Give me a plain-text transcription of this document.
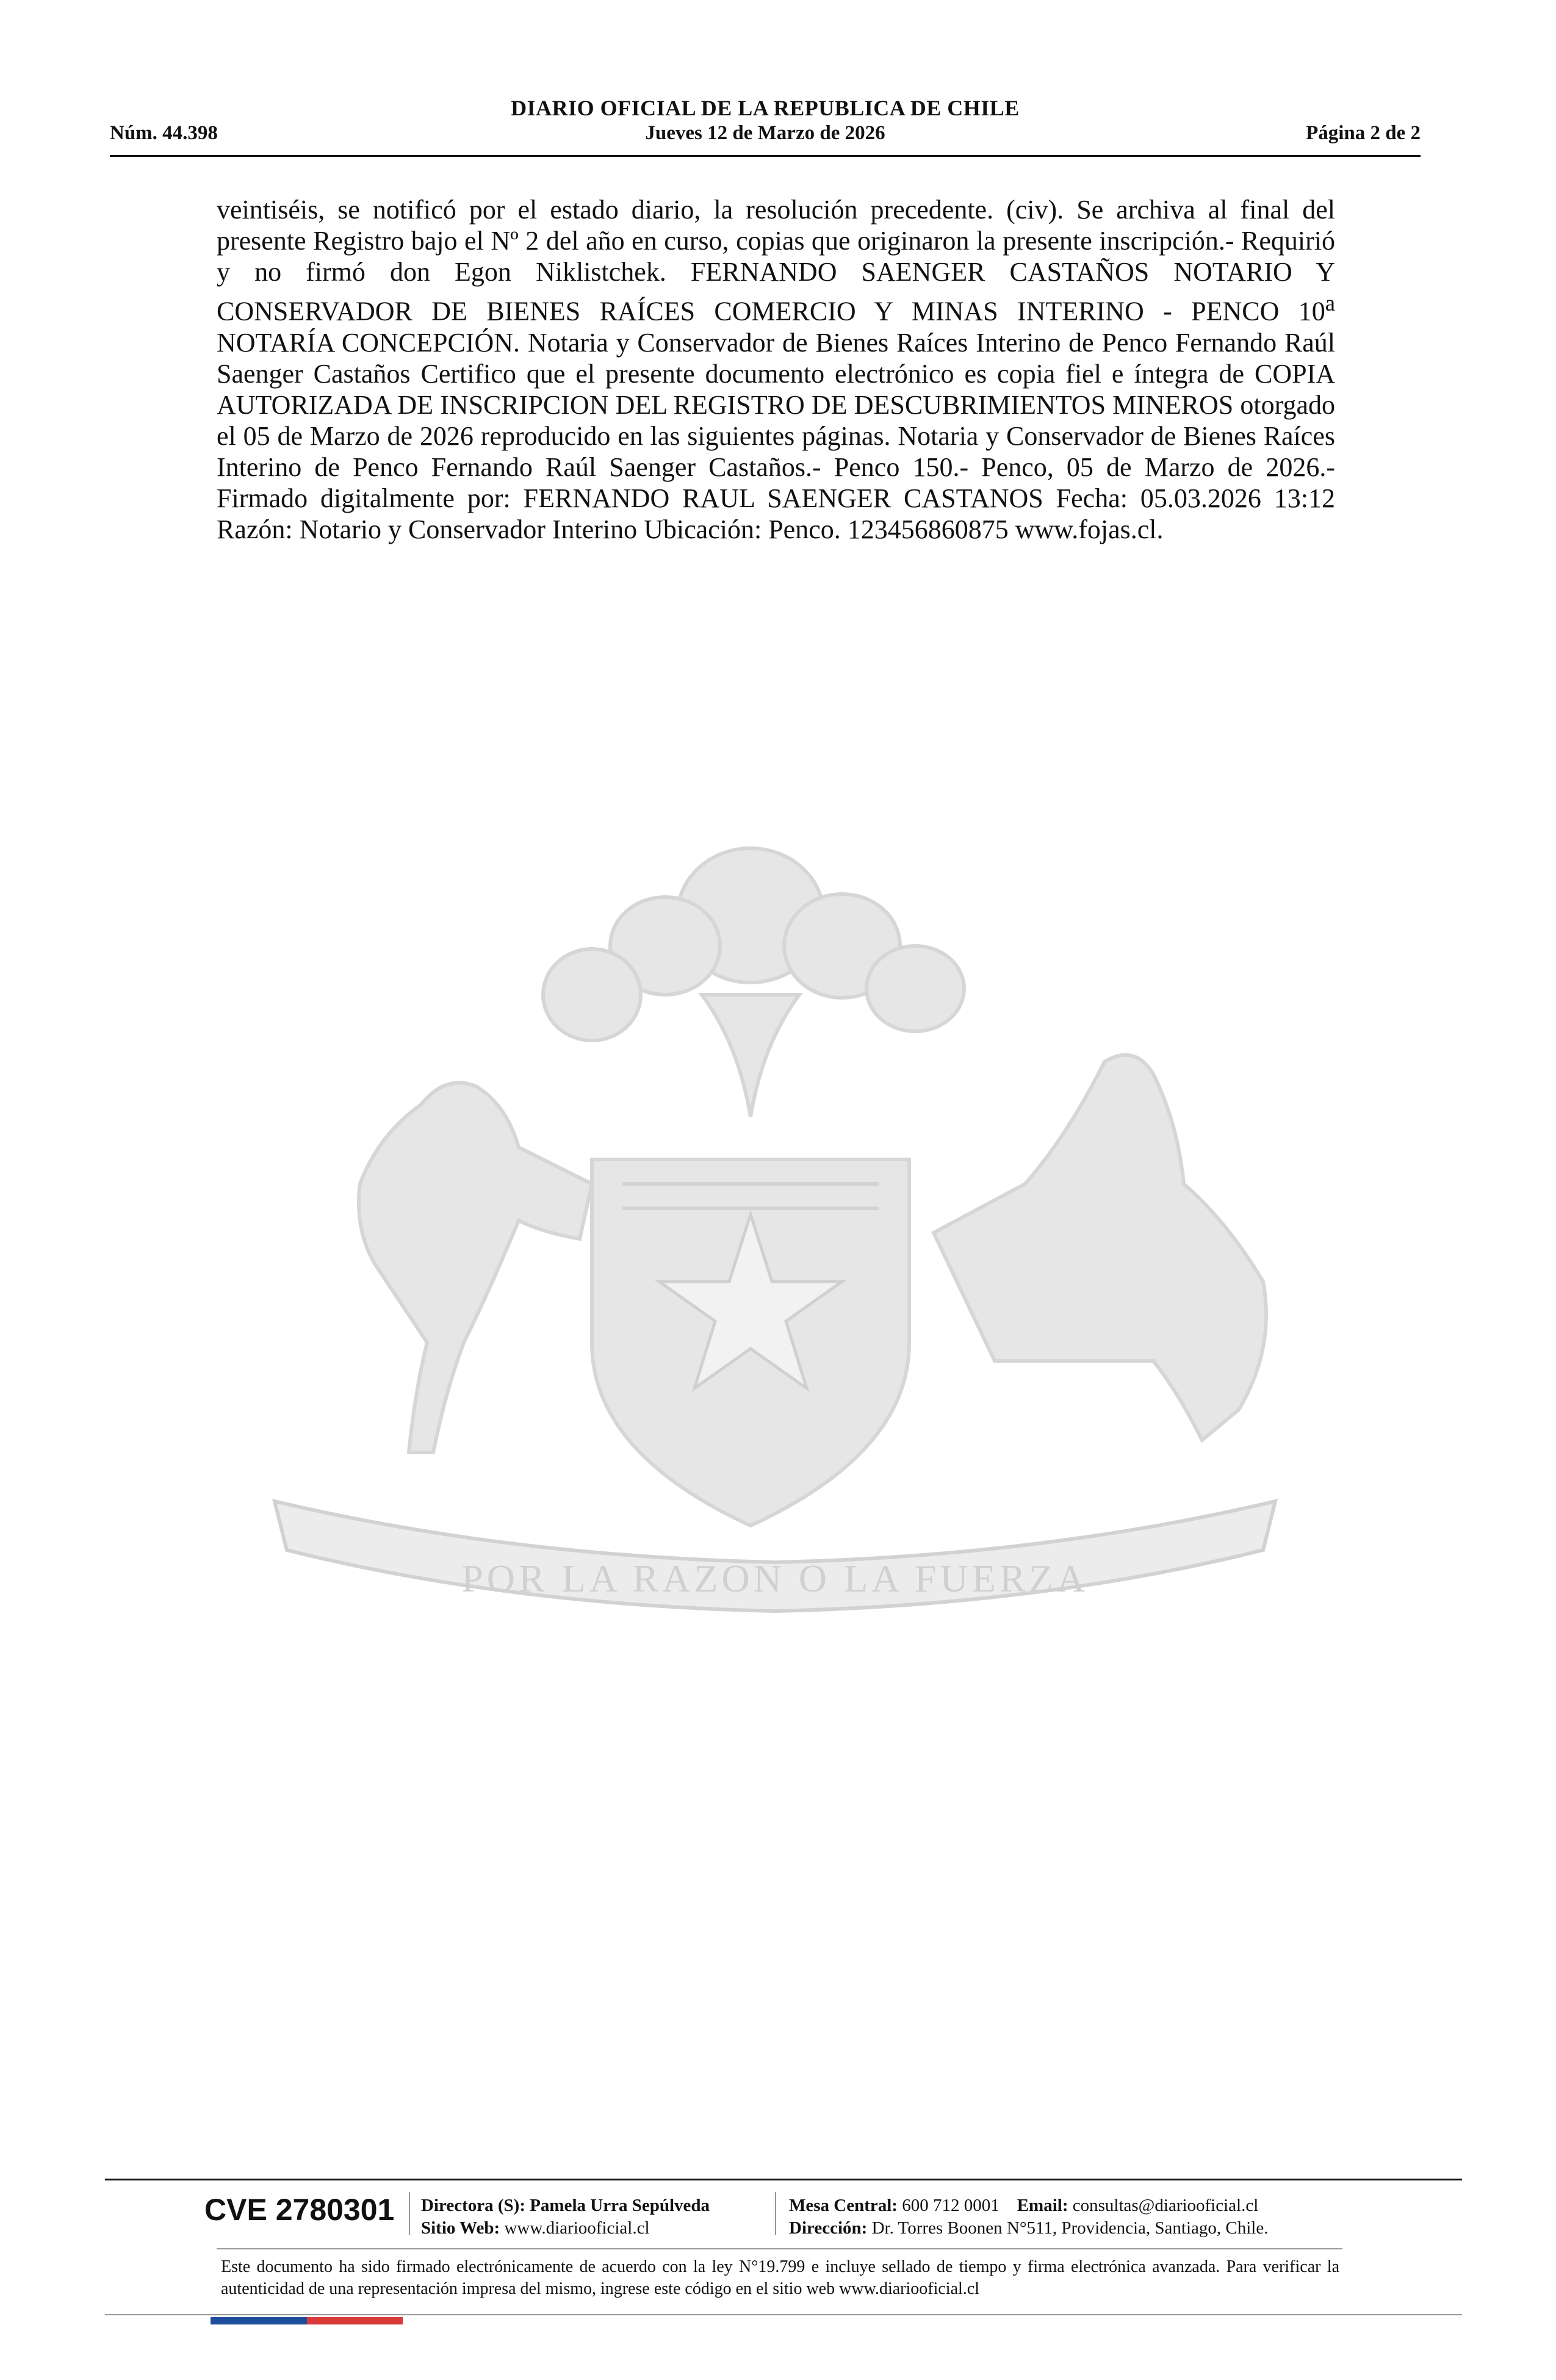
DIARIO OFICIAL DE LA REPUBLICA DE CHILE
Núm. 44.398	Jueves 12 de Marzo de 2026	Página 2 de 2
POR LA RAZON O LA FUERZA

veintiséis, se notificó por el estado diario, la resolución precedente. (civ). Se archiva al final del presente Registro bajo el Nº 2 del año en curso, copias que originaron la presente inscripción.- Requirió y no firmó don Egon Niklistchek. FERNANDO SAENGER CASTAÑOS NOTARIO Y CONSERVADOR DE BIENES RAÍCES COMERCIO Y MINAS INTERINO - PENCO 10$^a$ NOTARÍA CONCEPCIÓN. Notaria y Conservador de Bienes Raíces Interino de Penco Fernando Raúl Saenger Castaños Certifico que el presente documento electrónico es copia fiel e íntegra de COPIA AUTORIZADA DE INSCRIPCION DEL REGISTRO DE DESCUBRIMIENTOS MINEROS otorgado el 05 de Marzo de 2026 reproducido en las siguientes páginas. Notaria y Conservador de Bienes Raíces Interino de Penco Fernando Raúl Saenger Castaños.- Penco 150.- Penco, 05 de Marzo de 2026.- Firmado digitalmente por: FERNANDO RAUL SAENGER CASTANOS Fecha: 05.03.2026 13:12 Razón: Notario y Conservador Interino Ubicación: Penco. 123456860875 www.fojas.cl.

CVE 2780301 Directora (S): Pamela Urra Sepúlveda
Sitio Web: www.diariooficial.cl
Mesa Central: 600 712 0001 Email: consultas@diariooficial.cl
Dirección: Dr. Torres Boonen N°511, Providencia, Santiago, Chile.

Este documento ha sido firmado electrónicamente de acuerdo con la ley N°19.799 e incluye sellado de tiempo y firma electrónica avanzada. Para verificar la autenticidad de una representación impresa del mismo, ingrese este código en el sitio web www.diariooficial.cl
